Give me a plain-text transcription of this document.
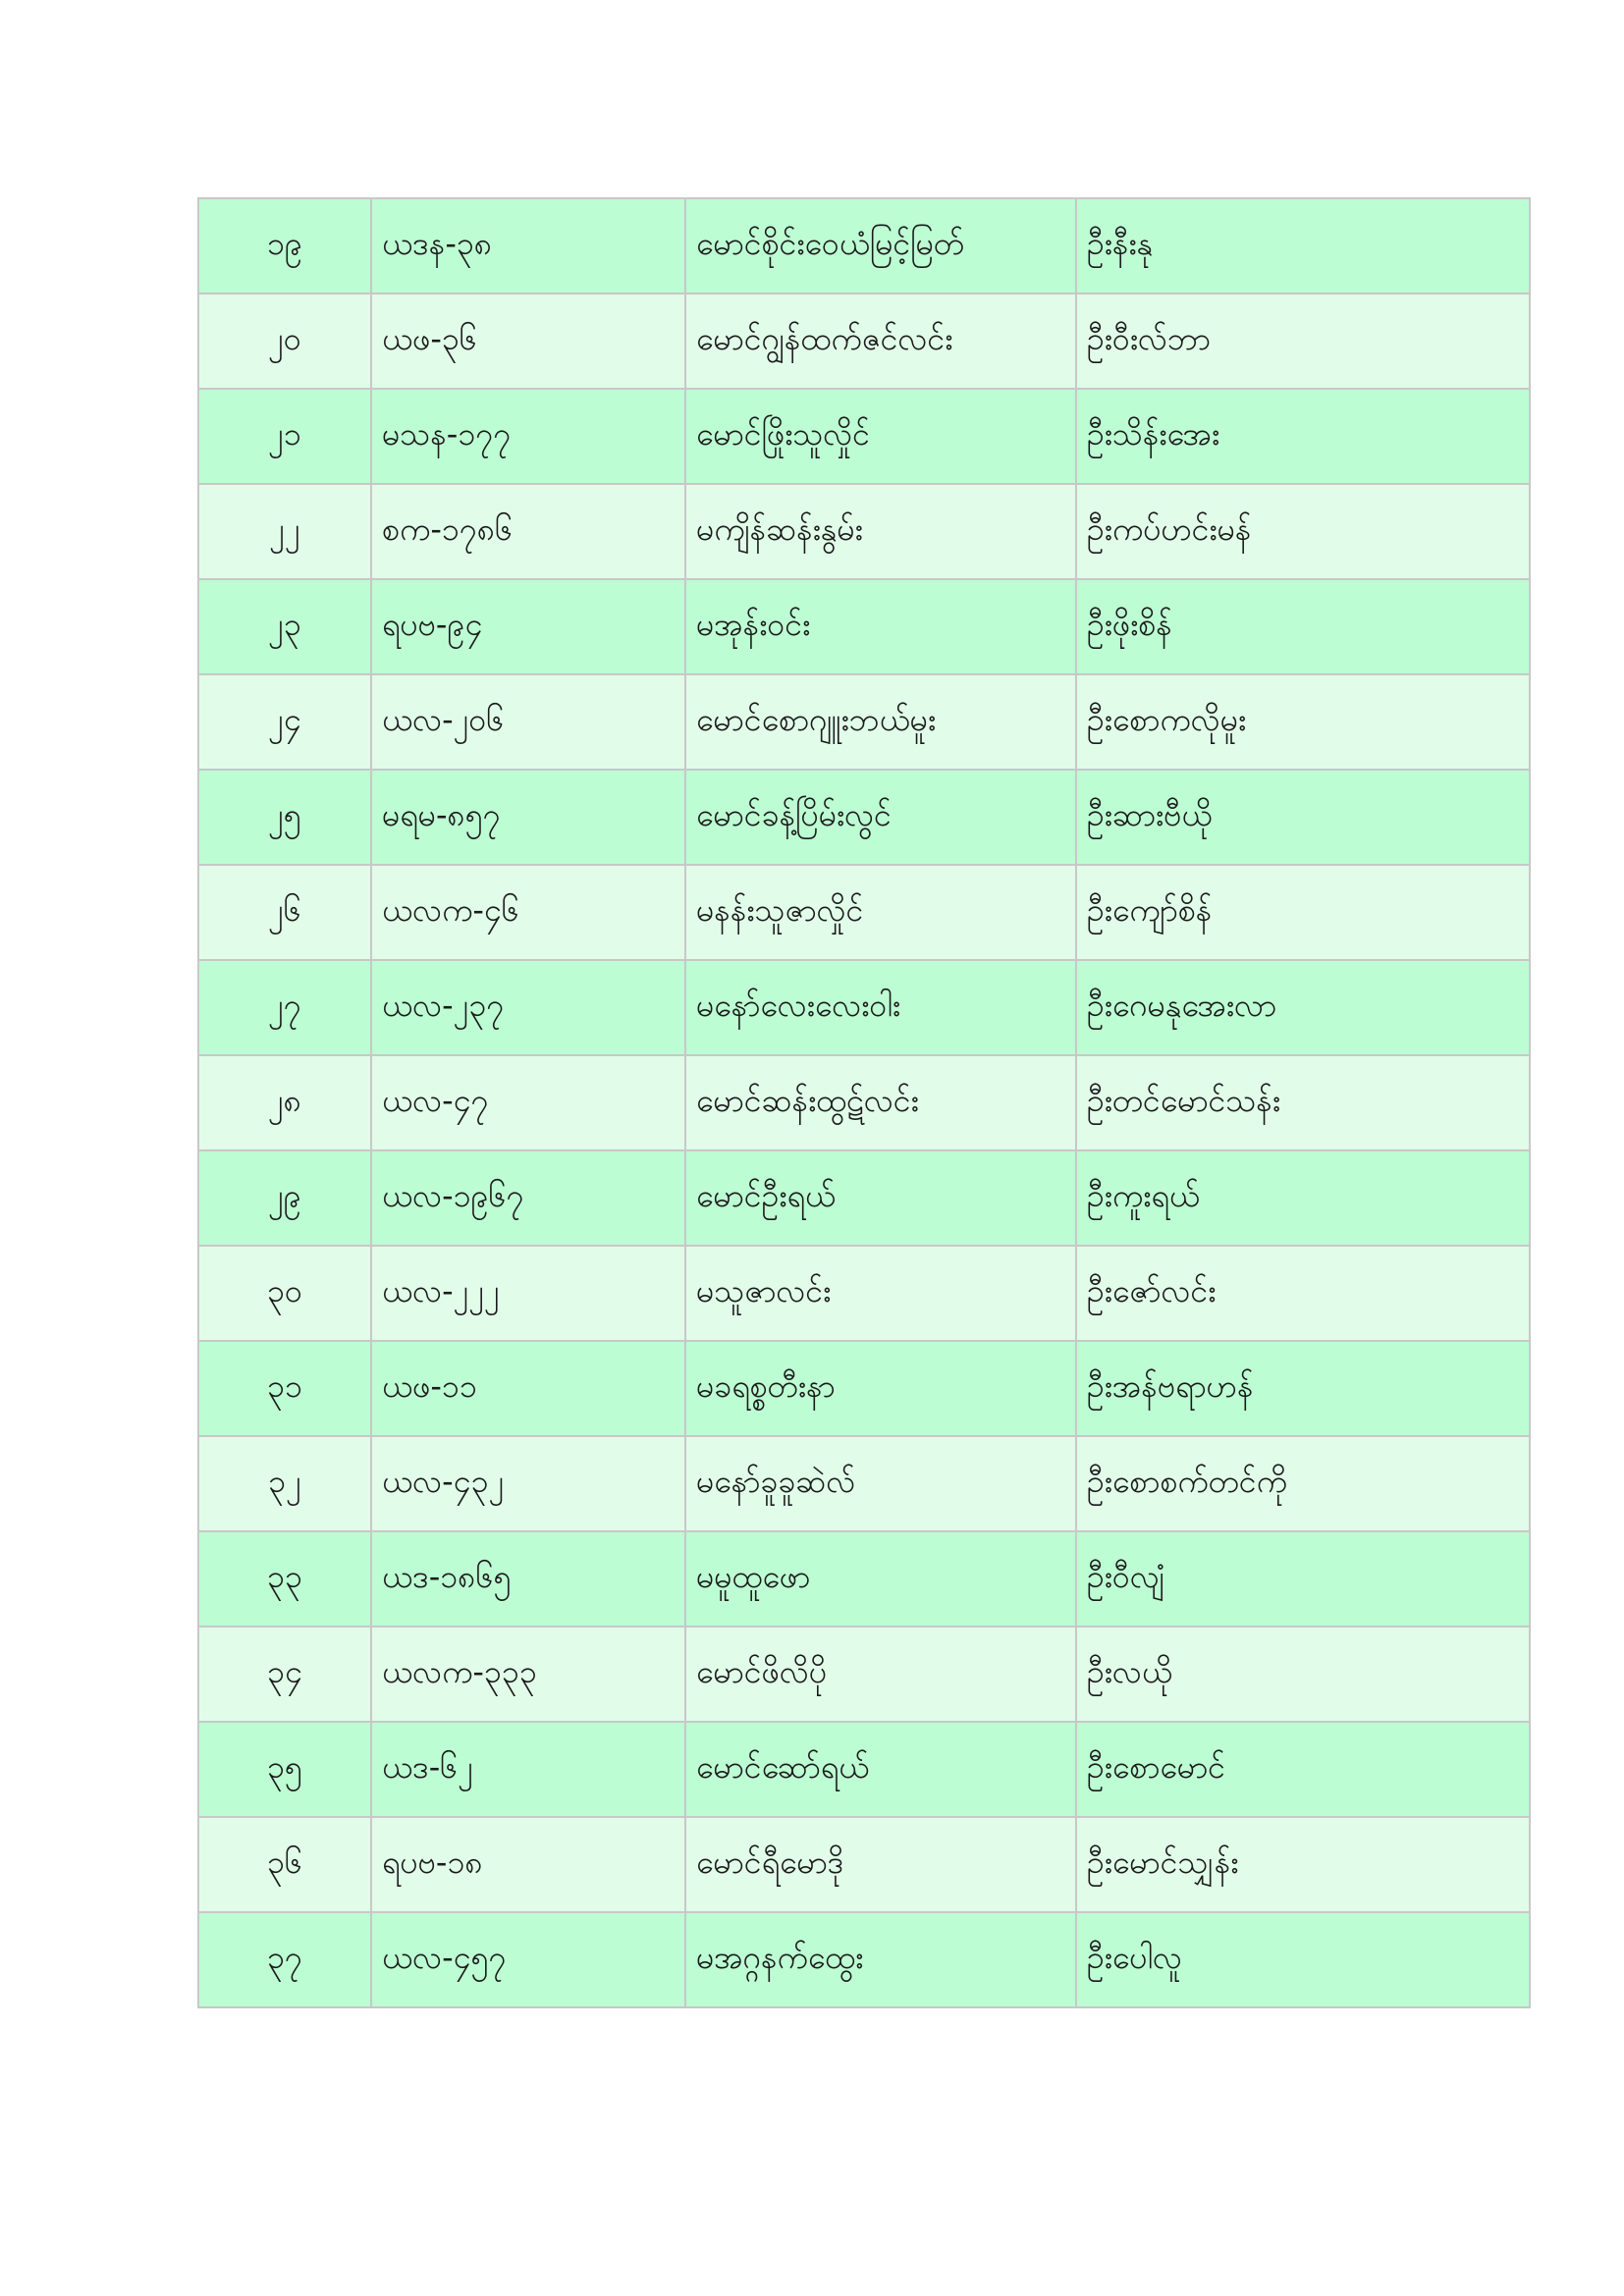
၁၉	ယဒန-၃၈	မောင်စိုင်းဝေယံမြင့်မြတ်	ဦးနီးနု
၂၀	ယဖ-၃၆	မောင်ဂျွန်ထက်ဇင်လင်း	ဦးဝီးလ်ဘာ
၂၁	မသန-၁၇၇	မောင်ဖြိုးသူလှိုင်	ဦးသိန်းအေး
၂၂	စက-၁၇၈၆	မကျိန်ဆန်းနွမ်း	ဦးကပ်ဟင်းမန်
၂၃	ရပဗ-၉၄	မအုန်းဝင်း	ဦးဖိုးစိန်
၂၄	ယလ-၂၀၆	မောင်စောဂျူးဘယ်မူး	ဦးစောကလိုမူး
၂၅	မရမ-၈၅၇	မောင်ခန့်ပြိမ်းလွင်	ဦးဆားဗီယို
၂၆	ယလက-၄၆	မနန်းသူဇာလှိုင်	ဦးကျော်စိန်
၂၇	ယလ-၂၃၇	မနော်လေးလေးဝါး	ဦးဂေမနုအေးလာ
၂၈	ယလ-၄၇	မောင်ဆန်းထွဋ်လင်း	ဦးတင်မောင်သန်း
၂၉	ယလ-၁၉၆၇	မောင်ဦးရယ်	ဦးကူးရယ်
၃၀	ယလ-၂၂၂	မသူဇာလင်း	ဦးဇော်လင်း
၃၁	ယဖ-၁၁	မခရစ္စတီးနာ	ဦးအန်ဗရာဟန်
၃၂	ယလ-၄၃၂	မနော်ခူခူဆဲလ်	ဦးစောစက်တင်ကို
၃၃	ယဒ-၁၈၆၅	မမူထူဖော	ဦးဝီလျံ
၃၄	ယလက-၃၃၃	မောင်ဖိလိပို	ဦးလယို
၃၅	ယဒ-၆၂	မောင်ဆော်ရယ်	ဦးစောမောင်
၃၆	ရပဗ-၁၈	မောင်ရီမောဒို	ဦးမောင်သျှန်း
၃၇	ယလ-၄၅၇	မအဂ္ဂနက်ထွေး	ဦးပေါလူ
